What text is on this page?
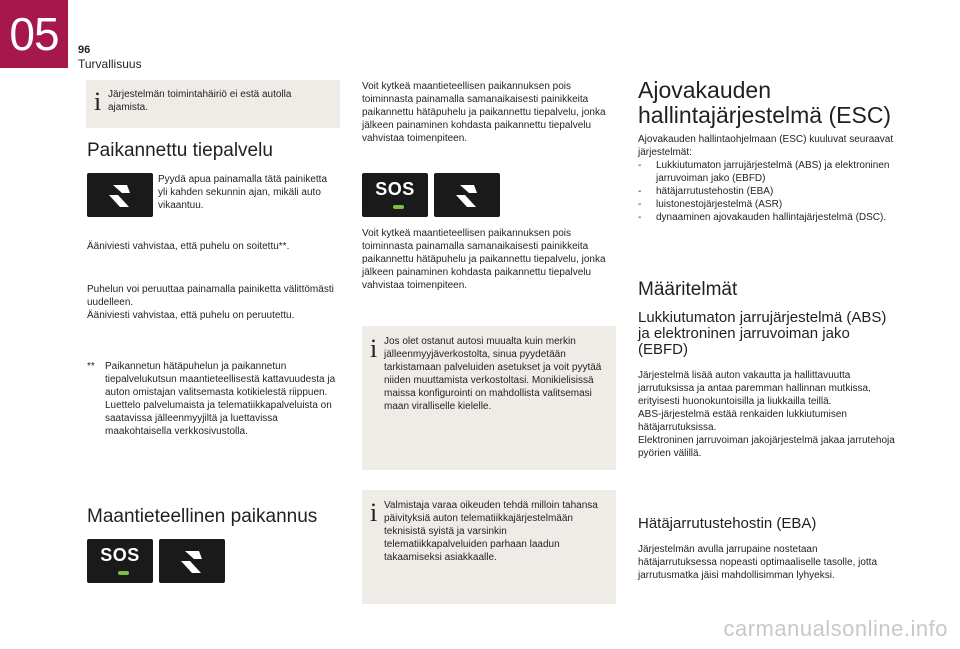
05	96
Turvallisuus
i Järjestelmän toimintahäiriö ei estä autolla ajamista.

Paikannettu tiepalvelu

Pyydä apua painamalla tätä painiketta yli kahden sekunnin ajan, mikäli auto vikaantuu.

Ääniviesti vahvistaa, että puhelu on soitettu**.

Puhelun voi peruuttaa painamalla painiketta välittömästi uudelleen.

Ääniviesti vahvistaa, että puhelu on peruutettu.

** Paikannetun hätäpuhelun ja paikannetun tiepalvelukutsun maantieteellisestä kattavuudesta ja auton omistajan valitsemasta kotikielestä riippuen. Luettelo palvelumaista ja telematiikkapalveluista on saatavissa jälleenmyyjiltä ja luettavissa maakohtaisella verkkosivustolla.

Maantieteellinen paikannus
SOS

Voit kytkeä maantieteellisen paikannuksen pois toiminnasta painamalla samanaikaisesti painikkeita paikannettu hätäpuhelu ja paikannettu tiepalvelu, jonka jälkeen painaminen kohdasta paikannettu tiepalvelu vahvistaa toimenpiteen.

SOS

Voit kytkeä maantieteellisen paikannuksen pois toiminnasta painamalla samanaikaisesti painikkeita paikannettu hätäpuhelu ja paikannettu tiepalvelu, jonka jälkeen painaminen kohdasta paikannettu tiepalvelu vahvistaa toimenpiteen.

i Jos olet ostanut autosi muualta kuin merkin jälleenmyyjäverkostolta, sinua pyydetään tarkistamaan palveluiden asetukset ja voit pyytää niiden muuttamista verkostoltasi. Monikielisissä maissa konfigurointi on mahdollista valitsemasi maan viralliselle kielelle.

i Valmistaja varaa oikeuden tehdä milloin tahansa päivityksiä auton telematiikkajärjestelmään teknisistä syistä ja varsinkin telematiikkapalveluiden parhaan laadun takaamiseksi asiakkaalle.

Ajovakauden
hallintajärjestelmä (ESC)

Ajovakauden hallintaohjelmaan (ESC) kuuluvat seuraavat järjestelmät:

- Lukkiutumaton jarrujärjestelmä (ABS) ja elektroninen jarruvoiman jako (EBFD)
- hätäjarrutustehostin (EBA)
- luistonestojärjestelmä (ASR)
- dynaaminen ajovakauden hallintajärjestelmä (DSC).
Määritelmät
Lukkiutumaton jarrujärjestelmä (ABS) ja elektroninen jarruvoiman jako (EBFD)

Järjestelmä lisää auton vakautta ja hallittavuutta jarrutuksissa ja antaa paremman hallinnan mutkissa, erityisesti huonokuntoisilla ja liukkailla teillä.

ABS-järjestelmä estää renkaiden lukkiutumisen hätäjarrutuksissa.

Elektroninen jarruvoiman jakojärjestelmä jakaa jarrutehoja pyörien välillä.

Hätäjarrutustehostin (EBA)

Järjestelmän avulla jarrupaine nostetaan hätäjarrutuksessa nopeasti optimaaliselle tasolle, jotta jarrutusmatka jäisi mahdollisimman lyhyeksi.

carmanualsonline.info
